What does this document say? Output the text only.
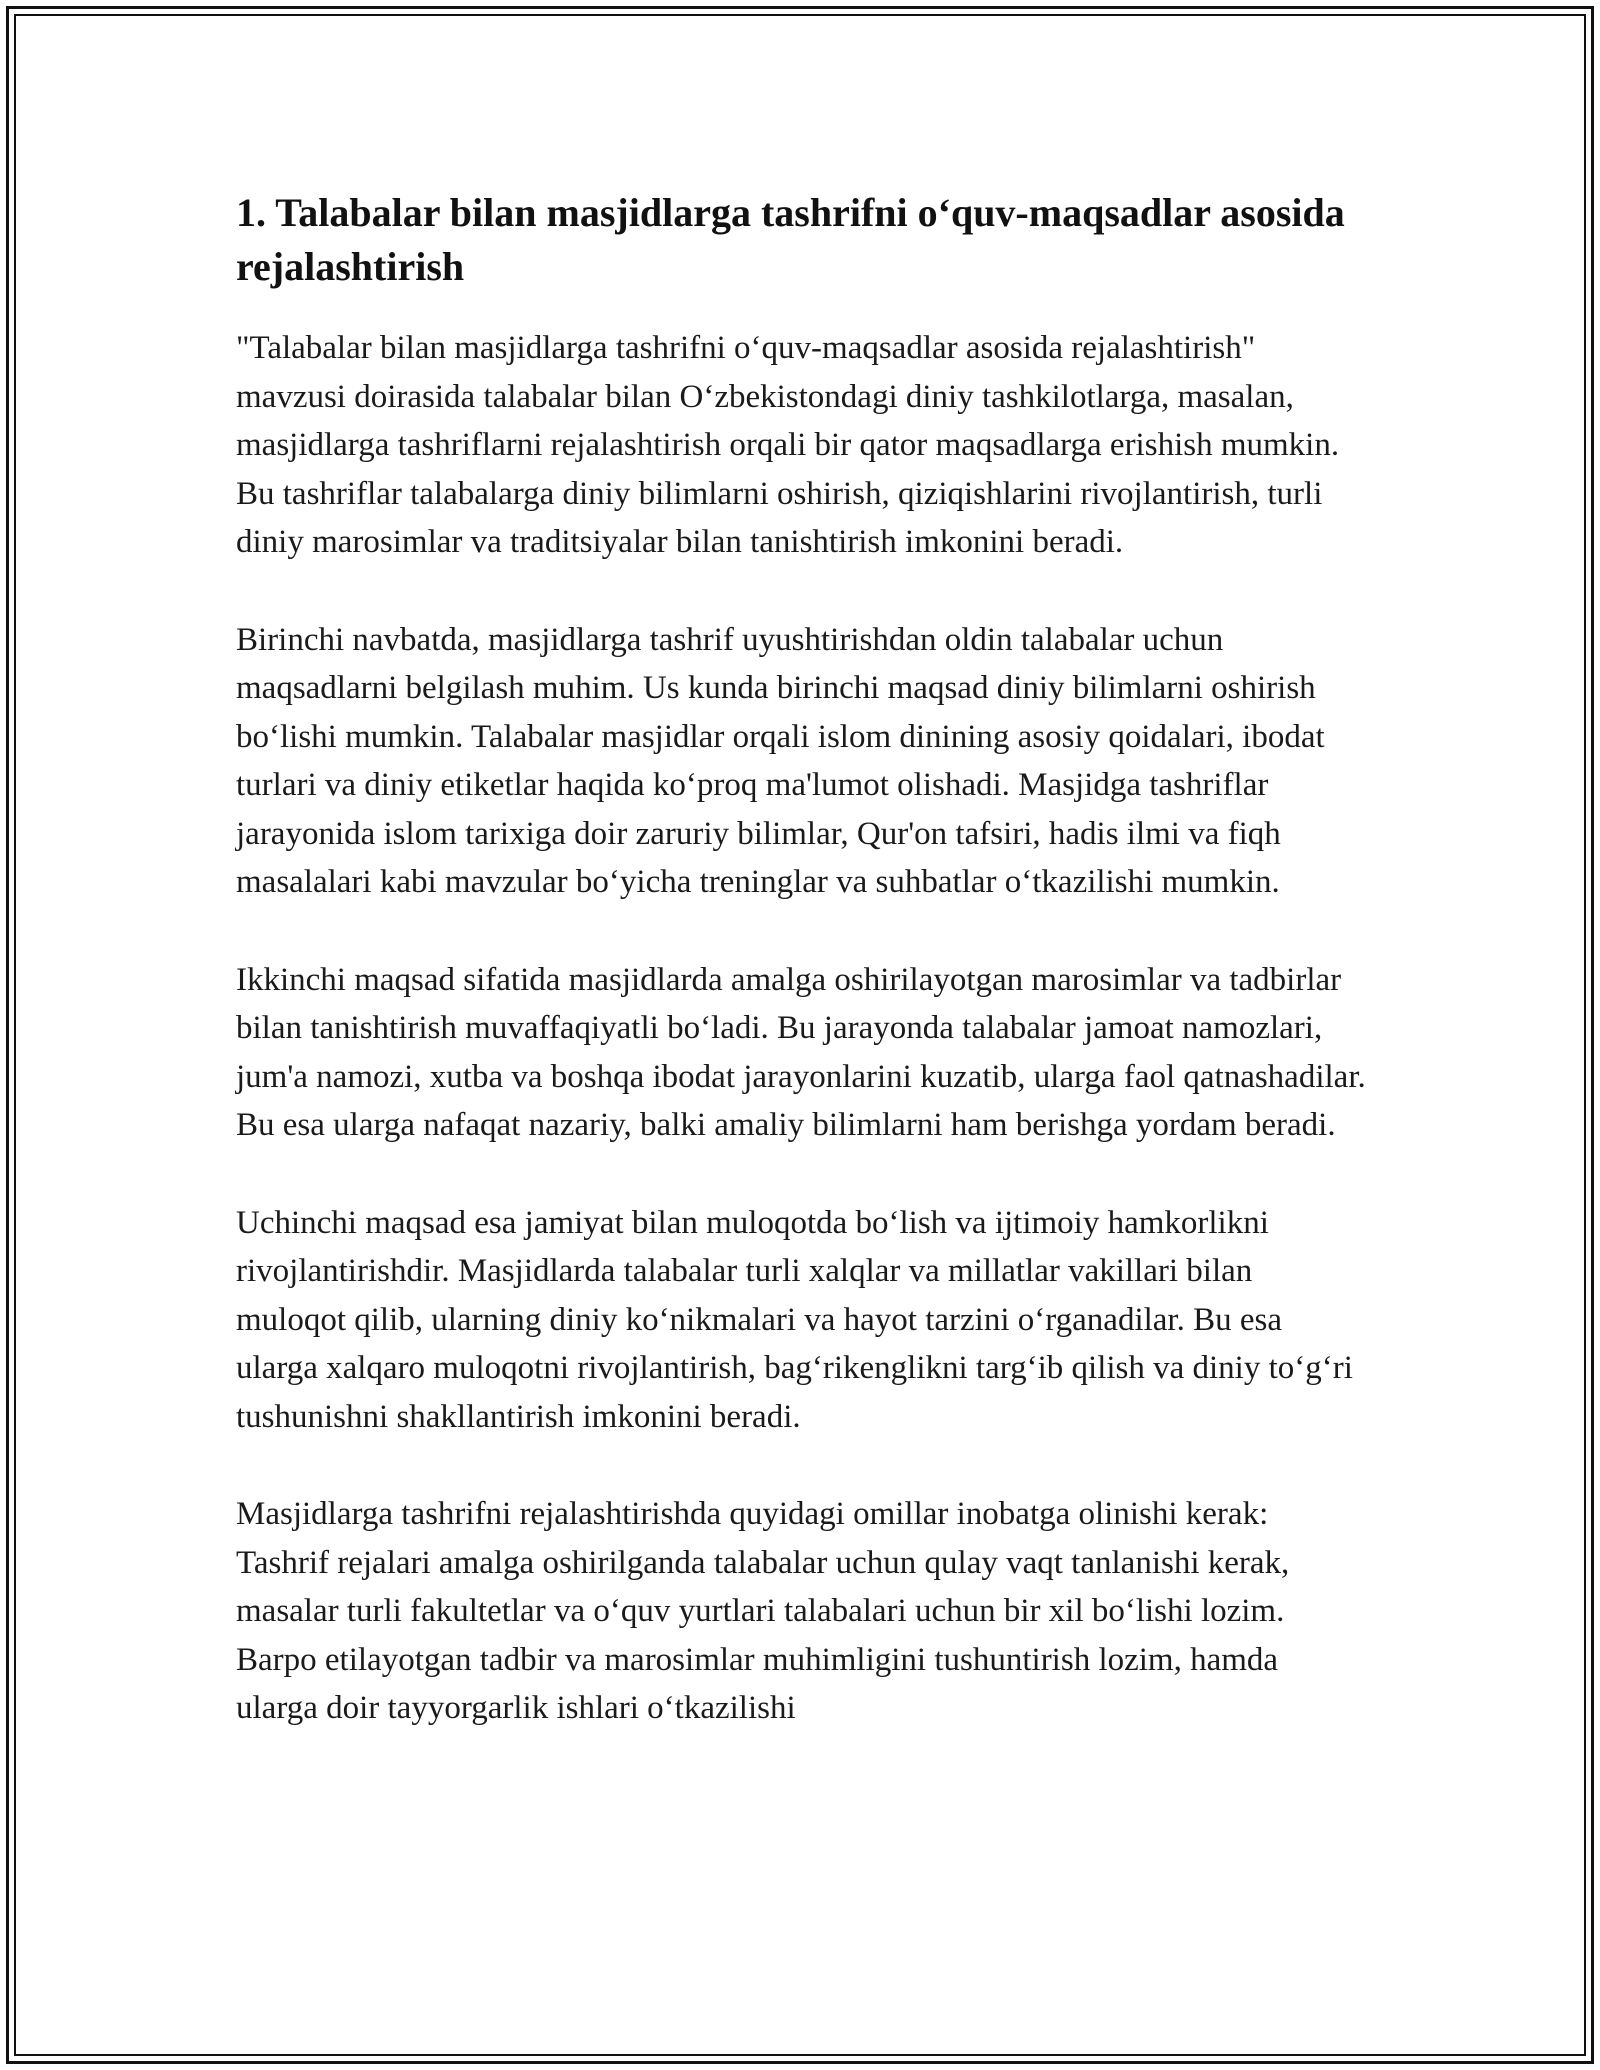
1. Talabalar bilan masjidlarga tashrifni o‘quv-maqsadlar asosida rejalashtirish

"Talabalar bilan masjidlarga tashrifni o‘quv-maqsadlar asosida rejalashtirish" mavzusi doirasida talabalar bilan O‘zbekistondagi diniy tashkilotlarga, masalan, masjidlarga tashriflarni rejalashtirish orqali bir qator maqsadlarga erishish mumkin. Bu tashriflar talabalarga diniy bilimlarni oshirish, qiziqishlarini rivojlantirish, turli diniy marosimlar va traditsiyalar bilan tanishtirish imkonini beradi.

Birinchi navbatda, masjidlarga tashrif uyushtirishdan oldin talabalar uchun maqsadlarni belgilash muhim. Us kunda birinchi maqsad diniy bilimlarni oshirish bo‘lishi mumkin. Talabalar masjidlar orqali islom dinining asosiy qoidalari, ibodat turlari va diniy etiketlar haqida ko‘proq ma'lumot olishadi. Masjidga tashriflar jarayonida islom tarixiga doir zaruriy bilimlar, Qur'on tafsiri, hadis ilmi va fiqh masalalari kabi mavzular bo‘yicha treninglar va suhbatlar o‘tkazilishi mumkin.

Ikkinchi maqsad sifatida masjidlarda amalga oshirilayotgan marosimlar va tadbirlar bilan tanishtirish muvaffaqiyatli bo‘ladi. Bu jarayonda talabalar jamoat namozlari, jum'a namozi, xutba va boshqa ibodat jarayonlarini kuzatib, ularga faol qatnashadilar. Bu esa ularga nafaqat nazariy, balki amaliy bilimlarni ham berishga yordam beradi.

Uchinchi maqsad esa jamiyat bilan muloqotda bo‘lish va ijtimoiy hamkorlikni rivojlantirishdir. Masjidlarda talabalar turli xalqlar va millatlar vakillari bilan muloqot qilib, ularning diniy ko‘nikmalari va hayot tarzini o‘rganadilar. Bu esa ularga xalqaro muloqotni rivojlantirish, bag‘rikenglikni targ‘ib qilish va diniy to‘g‘ri tushunishni shakllantirish imkonini beradi.

Masjidlarga tashrifni rejalashtirishda quyidagi omillar inobatga olinishi kerak: Tashrif rejalari amalga oshirilganda talabalar uchun qulay vaqt tanlanishi kerak, masalar turli fakultetlar va o‘quv yurtlari talabalari uchun bir xil bo‘lishi lozim. Barpo etilayotgan tadbir va marosimlar muhimligini tushuntirish lozim, hamda ularga doir tayyorgarlik ishlari o‘tkazilishi
